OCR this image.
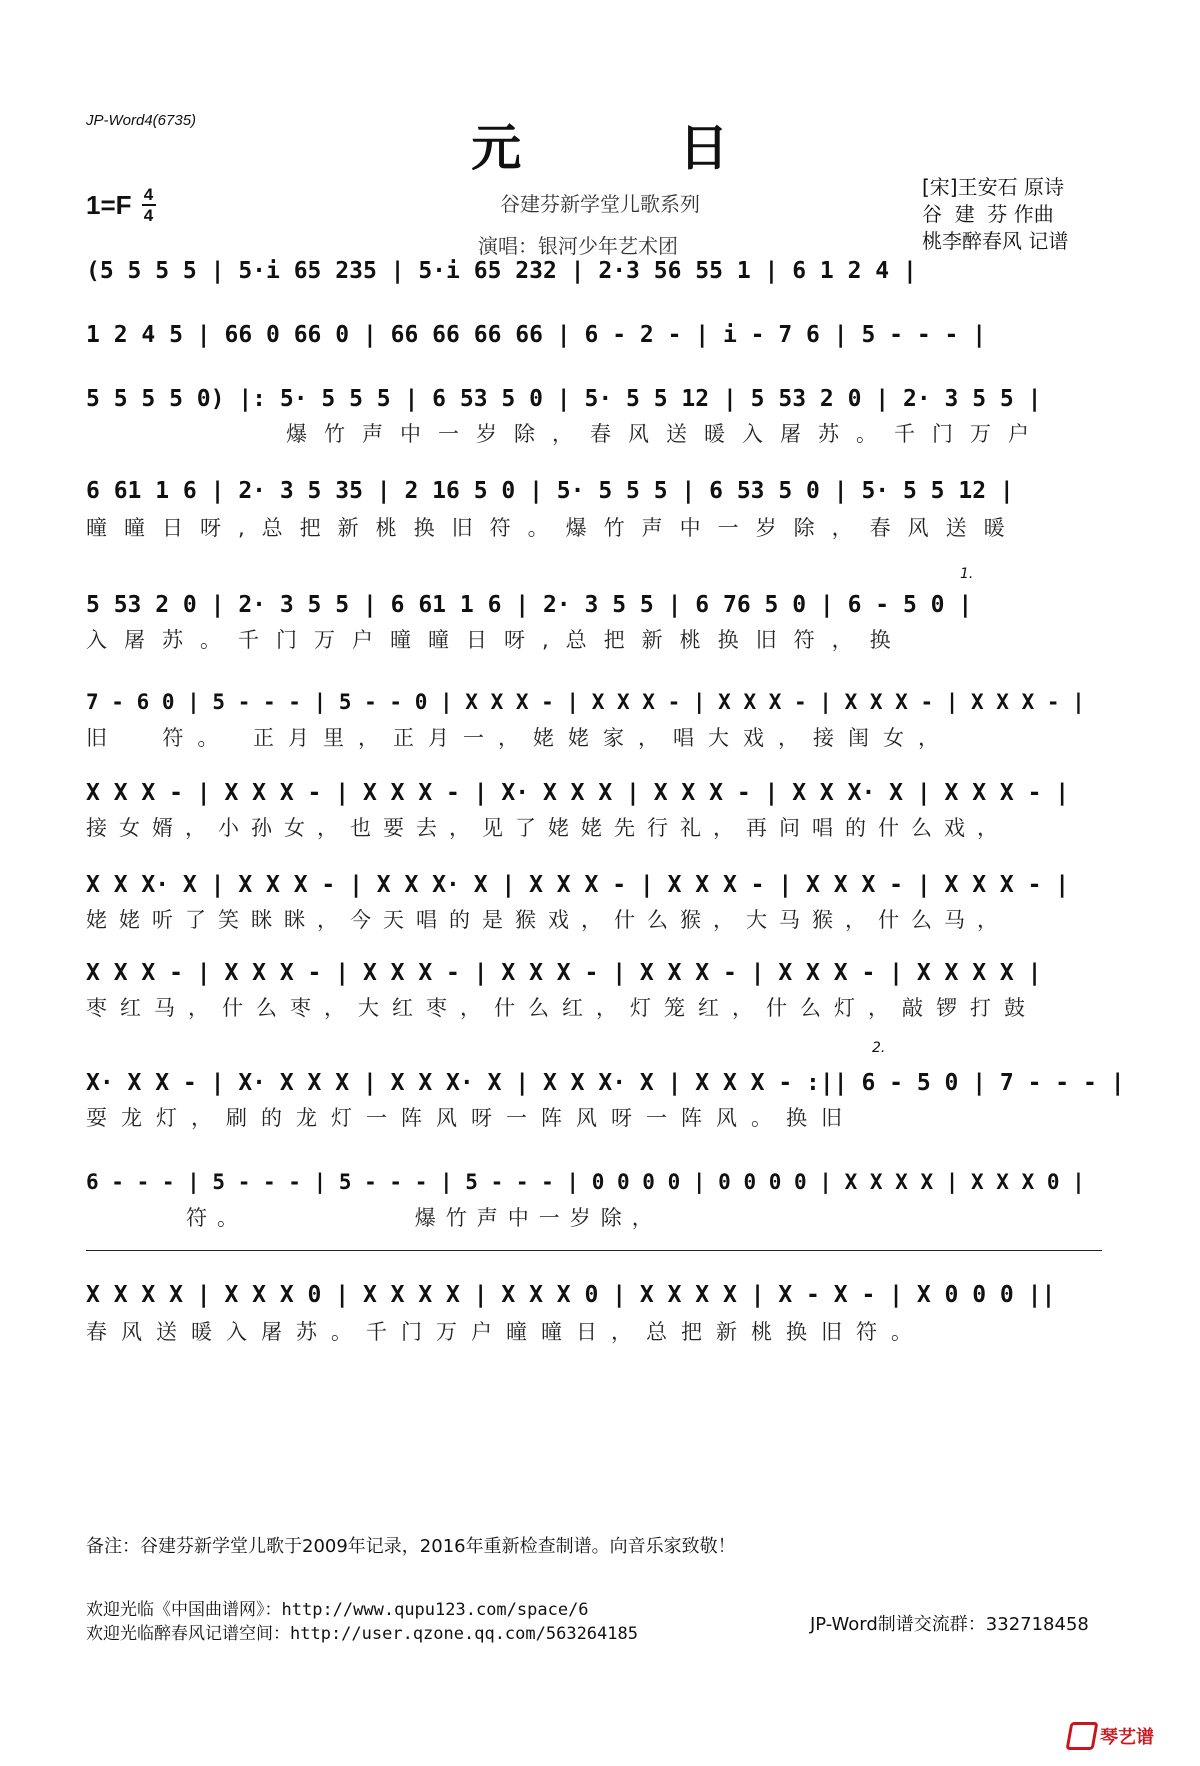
JP-Word4(6735)	元 日
1=F 4
4	谷建芬新学堂儿歌系列
演唱：银河少年艺术团
[宋]王安石 原诗
谷  建  芬 作曲
桃李醉春风 记谱
(5 5 5 5 | 5·i 65 235 | 5·i 65 232 | 2·3 56 55 1 | 6 1 2 4 |
1 2 4 5 | 66 0 66 0 | 66 66 66 66 | 6 - 2 - | i - 7 6 | 5 - - - |
5 5 5 5 0) |: 5· 5 5 5 | 6 53 5 0 | 5· 5 5 12 | 5 53 2 0 | 2· 3 5 5 |
爆竹声中一岁除，春风送暖入屠苏。千门万户
6 61 1 6 | 2· 3 5 35 | 2 16 5 0 | 5· 5 5 5 | 6 53 5 0 | 5· 5 5 12 |
曈曈日呀,总把新桃换旧符。爆竹声中一岁除，春风送暖
1.
5 53 2 0 | 2· 3 5 5 | 6 61 1 6 | 2· 3 5 5 | 6 76 5 0 | 6 - 5 0 |
入屠苏。千门万户曈曈日呀,总把新桃换旧符，换
7 - 6 0 | 5 - - - | 5 - - 0 | X X X - | X X X - | X X X - | X X X - | X X X - |
旧  符。 正月里，正月一，姥姥家，唱大戏，接闺女，
X X X - | X X X - | X X X - | X· X X X | X X X - | X X X· X | X X X - |
接女婿，小孙女，也要去，见了姥姥先行礼，再问唱的什么戏，
X X X· X | X X X - | X X X· X | X X X - | X X X - | X X X - | X X X - |
姥姥听了笑眯眯，今天唱的是猴戏，什么猴，大马猴，什么马，
X X X - | X X X - | X X X - | X X X - | X X X - | X X X - | X X X X |
枣红马，什么枣，大红枣，什么红，灯笼红，什么灯，敲锣打鼓
2.
X· X X - | X· X X X | X X X· X | X X X· X | X X X - :|| 6 - 5 0 | 7 - - - |
耍龙灯，刷的龙灯一阵风呀一阵风呀一阵风。换旧
6 - - - | 5 - - - | 5 - - - | 5 - - - | 0 0 0 0 | 0 0 0 0 | X X X X | X X X 0 |
符。          爆竹声中一岁除，
X X X X | X X X 0 | X X X X | X X X 0 | X X X X | X - X - | X 0 0 0 ||
春风送暖入屠苏。千门万户曈曈日，总把新桃换旧符。
备注：谷建芬新学堂儿歌于2009年记录，2016年重新检查制谱。向音乐家致敬！
欢迎光临《中国曲谱网》：http://www.qupu123.com/space/6
欢迎光临醉春风记谱空间：http://user.qzone.qq.com/563264185	JP-Word制谱交流群：332718458
琴艺谱
